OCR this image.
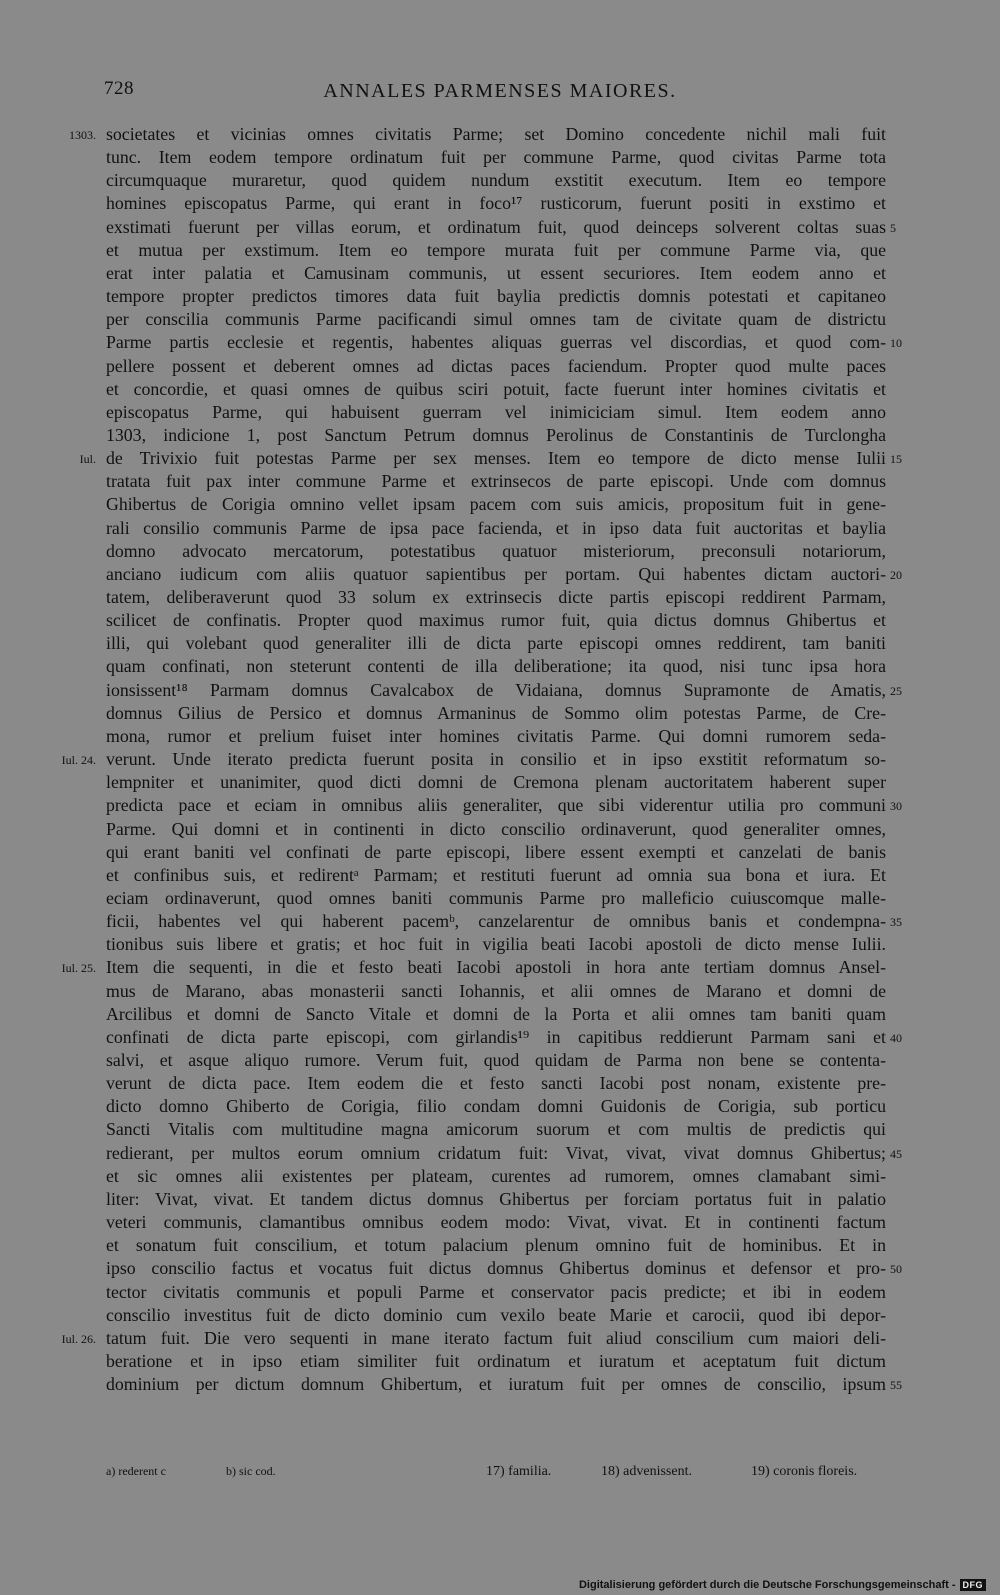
728	ANNALES PARMENSES MAIORES.
societates et vicinias omnes civitatis Parme; set Domino concedente nichil mali fuit
tunc. Item eodem tempore ordinatum fuit per commune Parme, quod civitas Parme tota
circumquaque muraretur, quod quidem nundum exstitit executum. Item eo tempore
homines episcopatus Parme, qui erant in foco¹⁷ rusticorum, fuerunt positi in exstimo et
exstimati fuerunt per villas eorum, et ordinatum fuit, quod deinceps solverent coltas suas
et mutua per exstimum. Item eo tempore murata fuit per commune Parme via, que
erat inter palatia et Camusinam communis, ut essent securiores. Item eodem anno et
tempore propter predictos timores data fuit baylia predictis domnis potestati et capitaneo
per conscilia communis Parme pacificandi simul omnes tam de civitate quam de districtu
Parme partis ecclesie et regentis, habentes aliquas guerras vel discordias, et quod com-
pellere possent et deberent omnes ad dictas paces faciendum. Propter quod multe paces
et concordie, et quasi omnes de quibus sciri potuit, facte fuerunt inter homines civitatis et
episcopatus Parme, qui habuisent guerram vel inimiciciam simul. Item eodem anno
1303, indicione 1, post Sanctum Petrum domnus Perolinus de Constantinis de Turclongha
de Trivixio fuit potestas Parme per sex menses. Item eo tempore de dicto mense Iulii
tratata fuit pax inter commune Parme et extrinsecos de parte episcopi. Unde com domnus
Ghibertus de Corigia omnino vellet ipsam pacem com suis amicis, propositum fuit in gene-
rali consilio communis Parme de ipsa pace facienda, et in ipso data fuit auctoritas et baylia
domno advocato mercatorum, potestatibus quatuor misteriorum, preconsuli notariorum,
anciano iudicum com aliis quatuor sapientibus per portam. Qui habentes dictam auctori-
tatem, deliberaverunt quod 33 solum ex extrinsecis dicte partis episcopi reddirent Parmam,
scilicet de confinatis. Propter quod maximus rumor fuit, quia dictus domnus Ghibertus et
illi, qui volebant quod generaliter illi de dicta parte episcopi omnes reddirent, tam baniti
quam confinati, non steterunt contenti de illa deliberatione; ita quod, nisi tunc ipsa hora
ionsissent¹⁸ Parmam domnus Cavalcabox de Vidaiana, domnus Supramonte de Amatis,
domnus Gilius de Persico et domnus Armaninus de Sommo olim potestas Parme, de Cre-
mona, rumor et prelium fuiset inter homines civitatis Parme. Qui domni rumorem seda-
verunt. Unde iterato predicta fuerunt posita in consilio et in ipso exstitit reformatum so-
lempniter et unanimiter, quod dicti domni de Cremona plenam auctoritatem haberent super
predicta pace et eciam in omnibus aliis generaliter, que sibi viderentur utilia pro communi
Parme. Qui domni et in continenti in dicto conscilio ordinaverunt, quod generaliter omnes,
qui erant baniti vel confinati de parte episcopi, libere essent exempti et canzelati de banis
et confinibus suis, et redirentᵃ Parmam; et restituti fuerunt ad omnia sua bona et iura. Et
eciam ordinaverunt, quod omnes baniti communis Parme pro malleficio cuiuscomque malle-
ficii, habentes vel qui haberent pacemᵇ, canzelarentur de omnibus banis et condempna-
tionibus suis libere et gratis; et hoc fuit in vigilia beati Iacobi apostoli de dicto mense Iulii.
Item die sequenti, in die et festo beati Iacobi apostoli in hora ante tertiam domnus Ansel-
mus de Marano, abas monasterii sancti Iohannis, et alii omnes de Marano et domni de
Arcilibus et domni de Sancto Vitale et domni de la Porta et alii omnes tam baniti quam
confinati de dicta parte episcopi, com girlandis¹⁹ in capitibus reddierunt Parmam sani et
salvi, et asque aliquo rumore. Verum fuit, quod quidam de Parma non bene se contenta-
verunt de dicta pace. Item eodem die et festo sancti Iacobi post nonam, existente pre-
dicto domno Ghiberto de Corigia, filio condam domni Guidonis de Corigia, sub porticu
Sancti Vitalis com multitudine magna amicorum suorum et com multis de predictis qui
redierant, per multos eorum omnium cridatum fuit: Vivat, vivat, vivat domnus Ghibertus;
et sic omnes alii existentes per plateam, curentes ad rumorem, omnes clamabant simi-
liter: Vivat, vivat. Et tandem dictus domnus Ghibertus per forciam portatus fuit in palatio
veteri communis, clamantibus omnibus eodem modo: Vivat, vivat. Et in continenti factum
et sonatum fuit conscilium, et totum palacium plenum omnino fuit de hominibus. Et in
ipso conscilio factus et vocatus fuit dictus domnus Ghibertus dominus et defensor et pro-
tector civitatis communis et populi Parme et conservator pacis predicte; et ibi in eodem
conscilio investitus fuit de dicto dominio cum vexilo beate Marie et carocii, quod ibi depor-
tatum fuit. Die vero sequenti in mane iterato factum fuit aliud conscilium cum maiori deli-
beratione et in ipso etiam similiter fuit ordinatum et iuratum et aceptatum fuit dictum
dominium per dictum domnum Ghibertum, et iuratum fuit per omnes de conscilio, ipsum
1303.
Iul.
Iul. 24.
Iul. 25.
Iul. 26.
5
10
15
20
25
30
35
40
45
50
55
a) rederent c	b) sic cod.	17) familia.	18) advenissent.	19) coronis floreis.
Digitalisierung gefördert durch die Deutsche Forschungsgemeinschaft - DFG
